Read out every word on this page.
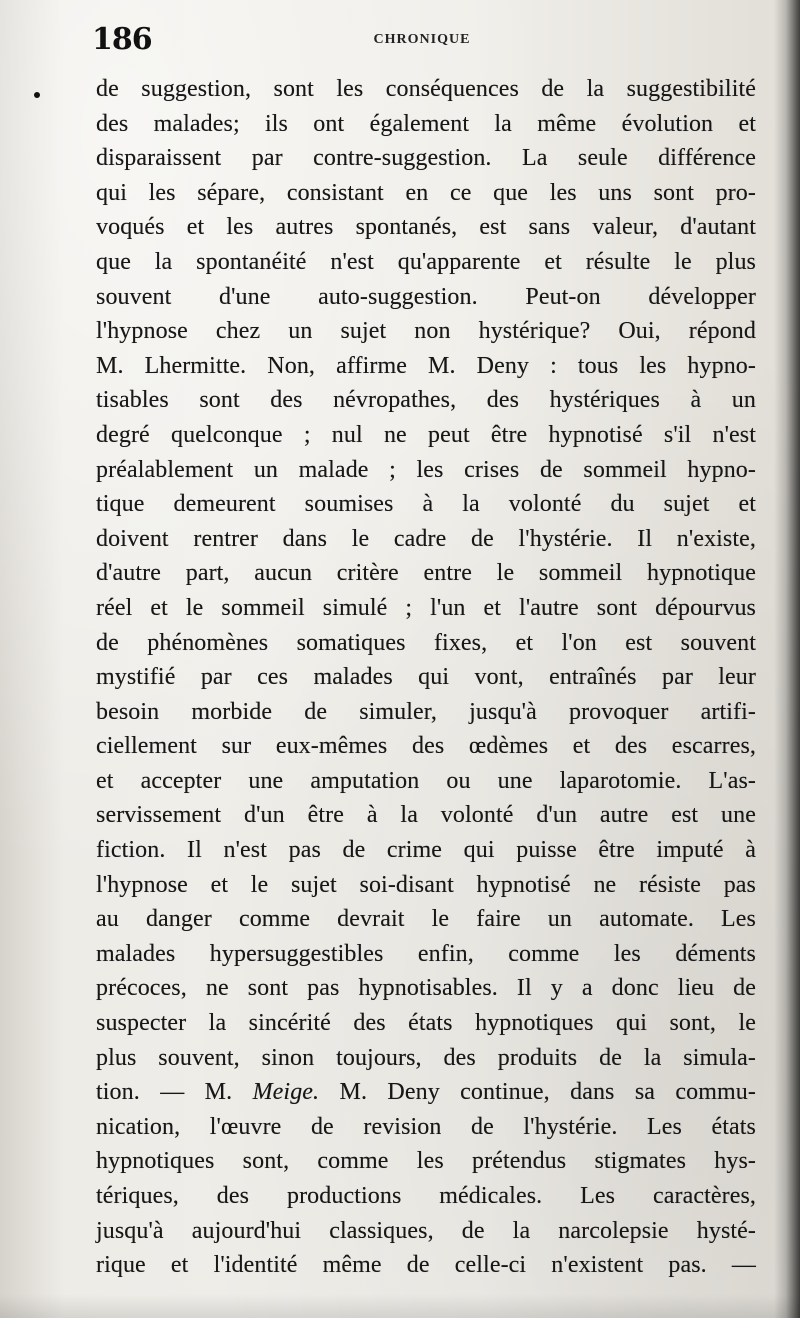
186	CHRONIQUE
de suggestion, sont les conséquences de la suggestibilité
des malades; ils ont également la même évolution et
disparaissent par contre-suggestion. La seule différence
qui les sépare, consistant en ce que les uns sont pro-
voqués et les autres spontanés, est sans valeur, d'autant
que la spontanéité n'est qu'apparente et résulte le plus
souvent d'une auto-suggestion. Peut-on développer
l'hypnose chez un sujet non hystérique? Oui, répond
M. Lhermitte. Non, affirme M. Deny : tous les hypno-
tisables sont des névropathes, des hystériques à un
degré quelconque ; nul ne peut être hypnotisé s'il n'est
préalablement un malade ; les crises de sommeil hypno-
tique demeurent soumises à la volonté du sujet et
doivent rentrer dans le cadre de l'hystérie. Il n'existe,
d'autre part, aucun critère entre le sommeil hypnotique
réel et le sommeil simulé ; l'un et l'autre sont dépourvus
de phénomènes somatiques fixes, et l'on est souvent
mystifié par ces malades qui vont, entraînés par leur
besoin morbide de simuler, jusqu'à provoquer artifi-
ciellement sur eux-mêmes des œdèmes et des escarres,
et accepter une amputation ou une laparotomie. L'as-
servissement d'un être à la volonté d'un autre est une
fiction. Il n'est pas de crime qui puisse être imputé à
l'hypnose et le sujet soi-disant hypnotisé ne résiste pas
au danger comme devrait le faire un automate. Les
malades hypersuggestibles enfin, comme les déments
précoces, ne sont pas hypnotisables. Il y a donc lieu de
suspecter la sincérité des états hypnotiques qui sont, le
plus souvent, sinon toujours, des produits de la simula-
tion. — M. Meige. M. Deny continue, dans sa commu-
nication, l'œuvre de revision de l'hystérie. Les états
hypnotiques sont, comme les prétendus stigmates hys-
tériques, des productions médicales. Les caractères,
jusqu'à aujourd'hui classiques, de la narcolepsie hysté-
rique et l'identité même de celle-ci n'existent pas. —
